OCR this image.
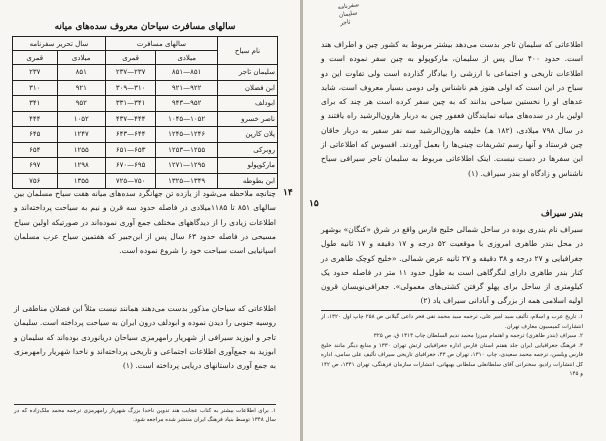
سالهای مسافرت سیاحان معروف سده‌های میانه
نام سیاح	سالهای مسافرت		سال تحریر سفرنامه	
	میلادی	قمری	میلادی	قمری
سلیمان تاجر	۸۵۱—۸۵۱	۲۳۷—۲۳۷	۸۵۱	۲۳۷
ابن فضلان	۹۲۲—۹۲۱	۳۱۰—۳۰۹	۹۲۱	۳۱۰
ابودلف	۹۵۲—۹۴۳	۳۴۱—۳۳۱	۹۵۲	۳۴۱
ناصر خسرو	۱۰۵۲—۱۰۴۵	۴۴۴—۴۳۷	۱۰۵۲	۴۴۴
پلان کارپن	۱۲۴۶—۱۲۴۵	۶۴۴—۶۴۳	۱۲۴۷	۶۴۵
روبرکی	۱۲۵۵—۱۲۵۳	۶۵۳—۶۵۱	۱۲۵۵	۶۵۴
مارکوپولو	۱۲۹۵—۱۲۷۱	۶۹۵—۶۷۰	۱۲۹۸	۶۹۷
ابن بطوطه	۱۳۴۹—۱۳۲۵	۷۵۰—۷۲۵	۱۳۵۵	۷۵۶
۱۴
چنانچه ملاحظه می‌شود از یازده تن جهانگرد سده‌های میانه هفت سیاح مسلمان بین سالهای ۸۵۱ تا ۱۱۸۵میلادی در فاصله حدود سه قرن و نیم به سیاحت پرداخته‌اند و اطلاعات زیادی را از دیدگاههای مختلف جمع آوری نموده‌اند در صورتیکه اولین سیاح مسیحی در فاصله حدود ۶۳ سال پس از ابن‌جبیر که هفتمین سیاح عرب مسلمان اسپانیایی است سیاحت خود را شروع نموده است.
اطلاعاتی که سیاحان مذکور بدست می‌دهند همانند نیست مثلاً ابن فضلان مناطقی از روسیه جنوبی را دیدن نموده و ابودلف درون ایران به سیاحت پرداخته است. سلیمان تاجر و ابوزید سیرافی از شهریار رامهرمزی سیاحان دریانوردی بوده‌اند که سلیمان و ابوزید به جمع‌آوری اطلاعات اجتماعی و تاریخی پرداخته‌اند و ناخدا شهریار رامهرمزی به جمع آوری داستانهای دریایی پرداخته است. (۱)
۱. برای اطلاعات بیشتر به کتاب عجایب هند تدوین ناخدا بزرگ شهریار رامهرمزی ترجمه محمد ملک‌زاده که در سال ۱۳۴۸ توسط بنیاد فرهنگ ایران منتشر شده مراجعه شود.
سفرنامه
سلیمان
تاجر
۱۵
اطلاعاتی که سلیمان تاجر بدست می‌دهد بیشتر مربوط به کشور چین و اطراف هند است. حدود ۴۰۰ سال پس از سلیمان، مارکوپولو به چین سفر نموده است و اطلاعات تاریخی و اجتماعی با ارزشی را بیادگار گذارده است ولی تفاوت این دو سیاح در این است که اولی هنوز هم ناشناس ولی دومی بسیار معروف است، شاید عدهای او را نخستین سیاحی بدانند که به چین سفر کرده است هر چند که برای اولین بار در سده‌های میانه نمایندگان فغفور چین به دربار هارون‌الرشید راه یافتند و در سال ۷۹۸ میلادی، (۱۸۲ هـ) خلیفه هارون‌الرشید سه نفر سفیر به دربار خاقان چین فرستاد و آنها رسم تشریفات چینی‌ها را بعمل آوردند. افسوس که اطلاعاتی از این سفرها در دست نیست. اینک اطلاعاتی مربوط به سلیمان تاجر سیرافی سیاح ناشناس و زادگاه او بندر سیراف. (۱)
بندر سیراف
سیراف نام بندری بوده در ساحل شمالی خلیج فارس واقع در شرق «کنگان» بوشهر در محل بندر طاهری امروزی با موقعیت ۵۲ درجه و ۱۷ دقیقه و ۱۷ ثانیه طول جغرافیایی و ۲۷ درجه و ۳۸ دقیقه و ۲۷ ثانیه عرض شمالی. «خلیج کوچک طاهری در کنار بندر طاهری دارای لنگرگاهی است به طول حدود ۱۱ متر در فاصله حدود یک کیلومتری از ساحل برای پهلو گرفتن کشتی‌های معمولی». جغرافی‌نویسان قرون اولیه اسلامی همه از بزرگی و آبادانی سیراف یاد (۲)
۱. تاریخ عرب و اسلام، تألیف سید امیر علی، ترجمه سید محمد تقی فخر داعی گیلانی ص ۲۵۸ چاپ اول ۱۳۲۰، از انتشارات کمیسیون معارف تهران.
۲. سیراف (بندر طاهری) ترجمه و اهتمام میرزا محمد ندیم السلطان چاپ ۱۳۱۴ ق، ص ۳۲۵
۳. فرهنگ جغرافیایی ایران جلد هفتم استان فارس اداره جغرافیایی ارتش تهران ۱۳۳۰ و منابع دیگر مانند خلیج فارس ویلسن، ترجمه محمد سعیدی، چاپ ۱۳۱۰، تهران ص ۴۳، جغرافیای تاریخی سیراف تألیف علی سامی، اداره کل انتشارات رادیو، سخنرانی آقای سلطانعلی سلطانی بهبهانی، انتشارات سازمان فرهنگی، تهران ۱۳۴۱، ص ۱۴۲ و ۱۴۵
